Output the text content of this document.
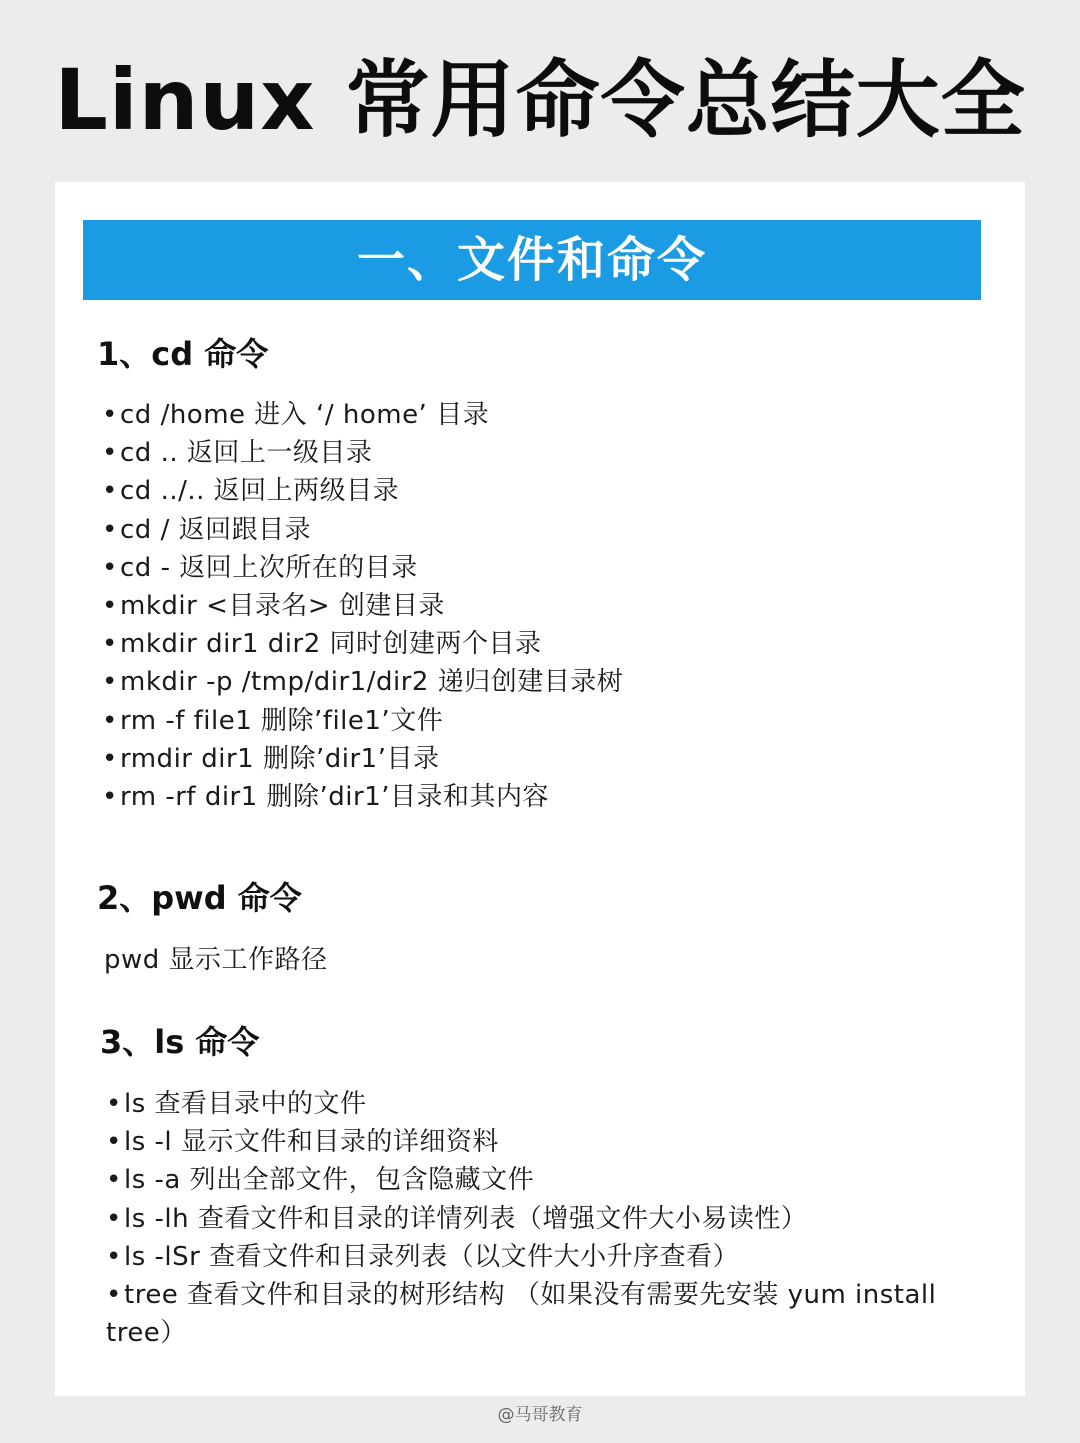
Linux 常用命令总结大全
一、文件和命令
1、cd 命令
•cd /home 进入 ‘/ home’ 目录
•cd .. 返回上一级目录
•cd ../.. 返回上两级目录
•cd / 返回跟目录
•cd - 返回上次所在的目录
•mkdir <目录名> 创建目录
•mkdir dir1 dir2 同时创建两个目录
•mkdir -p /tmp/dir1/dir2 递归创建目录树
•rm -f file1 删除’file1’文件
•rmdir dir1 删除’dir1’目录
•rm -rf dir1 删除’dir1’目录和其内容
2、pwd 命令
pwd 显示工作路径
3、ls 命令
•ls 查看目录中的文件
•ls -l 显示文件和目录的详细资料
•ls -a 列出全部文件，包含隐藏文件
•ls -lh 查看文件和目录的详情列表（增强文件大小易读性）
•ls -lSr 查看文件和目录列表（以文件大小升序查看）
•tree 查看文件和目录的树形结构 （如果没有需要先安装 yum install tree）
@马哥教育
